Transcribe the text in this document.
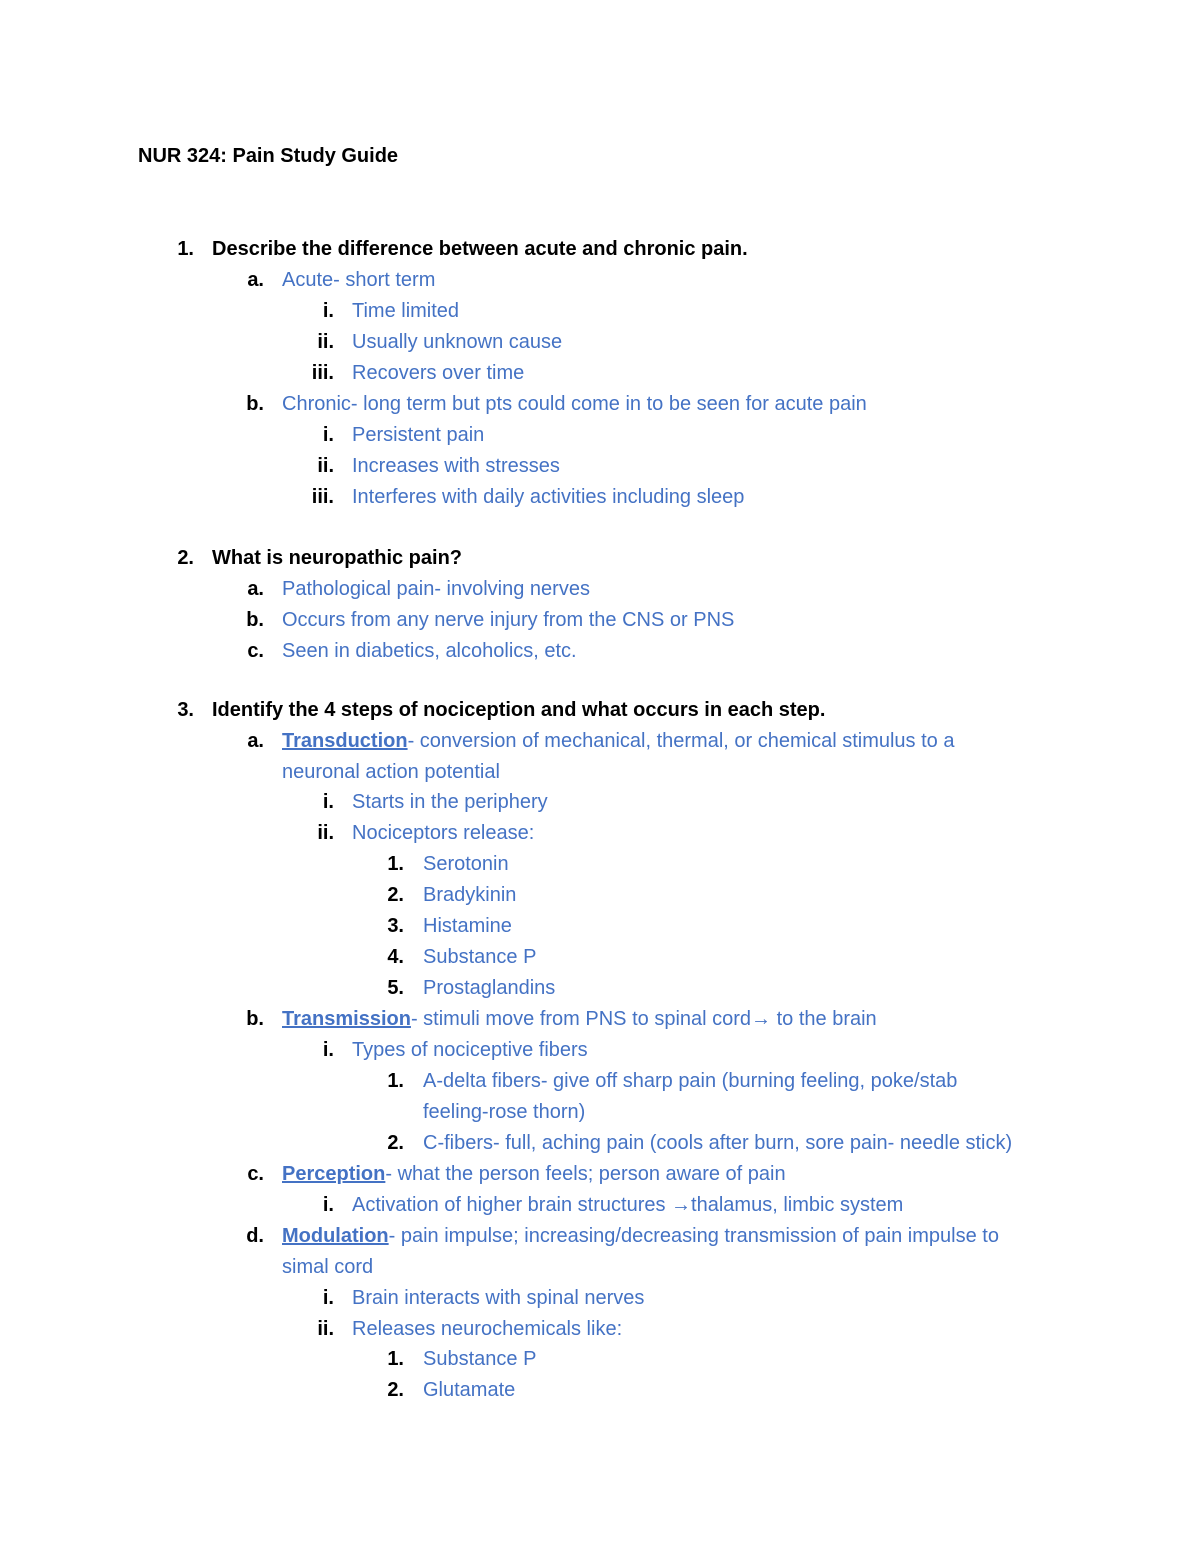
NUR 324: Pain Study Guide
1. Describe the difference between acute and chronic pain.
a. Acute- short term
i. Time limited
ii. Usually unknown cause
iii. Recovers over time
b. Chronic- long term but pts could come in to be seen for acute pain
i. Persistent pain
ii. Increases with stresses
iii. Interferes with daily activities including sleep
2. What is neuropathic pain?
a. Pathological pain- involving nerves
b. Occurs from any nerve injury from the CNS or PNS
c. Seen in diabetics, alcoholics, etc.
3. Identify the 4 steps of nociception and what occurs in each step.
a. Transduction- conversion of mechanical, thermal, or chemical stimulus to a
neuronal action potential
i. Starts in the periphery
ii. Nociceptors release:
1. Serotonin
2. Bradykinin
3. Histamine
4. Substance P
5. Prostaglandins
b. Transmission- stimuli move from PNS to spinal cord→ to the brain
i. Types of nociceptive fibers
1. A-delta fibers- give off sharp pain (burning feeling, poke/stab
feeling-rose thorn)
2. C-fibers- full, aching pain (cools after burn, sore pain- needle stick)
c. Perception- what the person feels; person aware of pain
i. Activation of higher brain structures →thalamus, limbic system
d. Modulation- pain impulse; increasing/decreasing transmission of pain impulse to
simal cord
i. Brain interacts with spinal nerves
ii. Releases neurochemicals like:
1. Substance P
2. Glutamate
